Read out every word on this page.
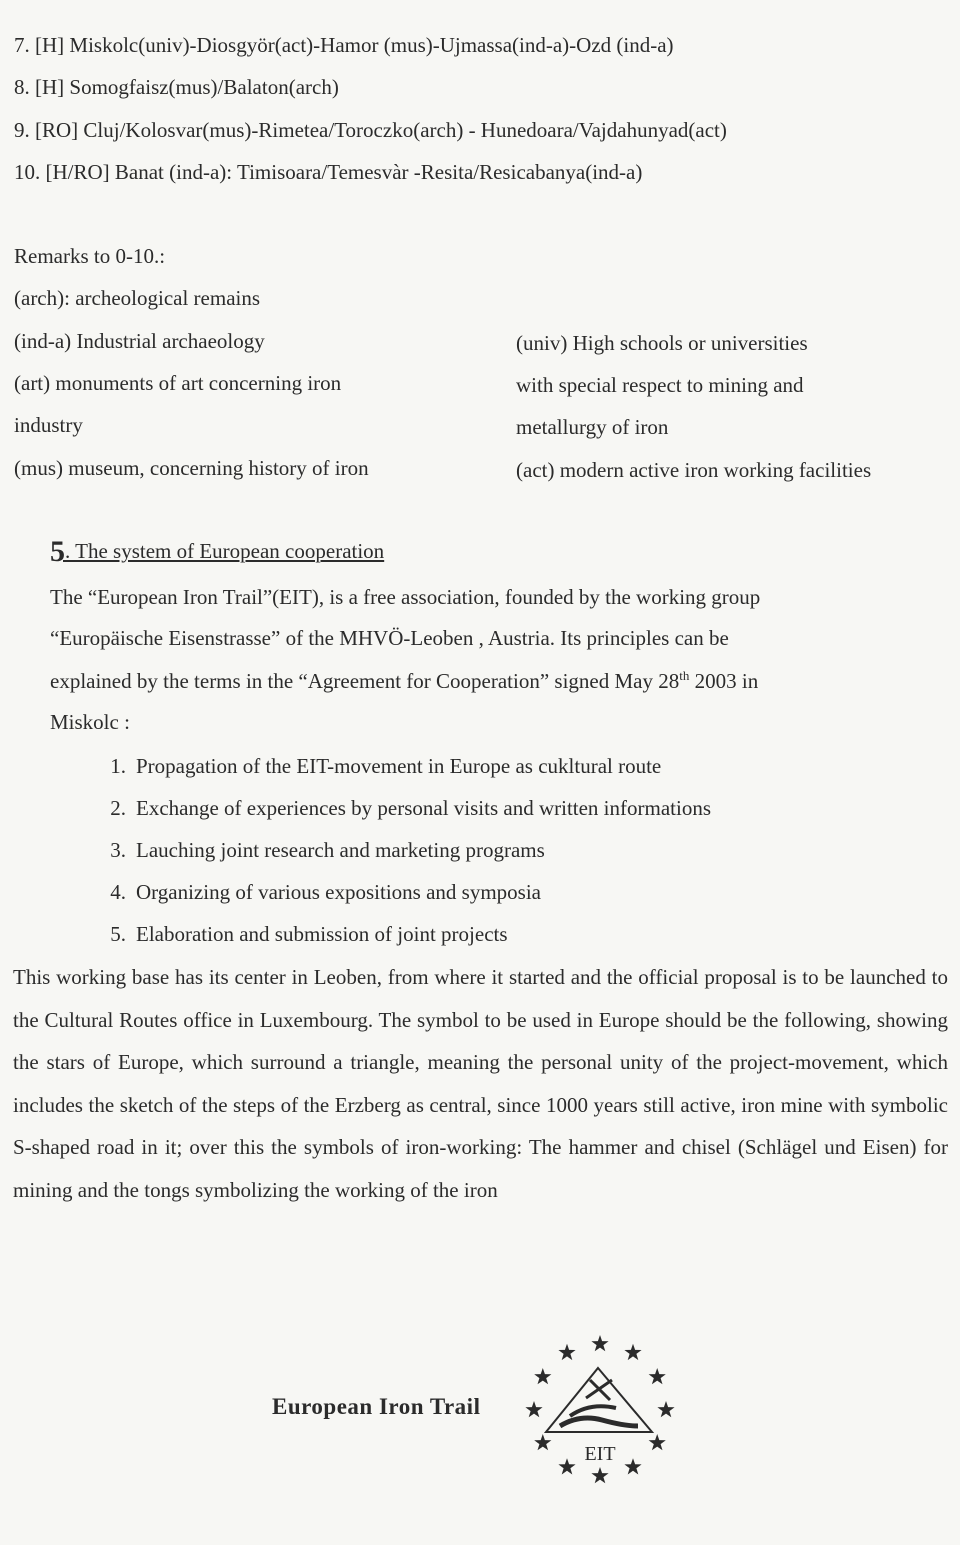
7. [H] Miskolc(univ)-Diosgyör(act)-Hamor (mus)-Ujmassa(ind-a)-Ozd (ind-a)
8. [H] Somogfaisz(mus)/Balaton(arch)
9. [RO] Cluj/Kolosvar(mus)-Rimetea/Toroczko(arch) - Hunedoara/Vajdahunyad(act)
10. [H/RO] Banat (ind-a): Timisoara/Temesvàr -Resita/Resicabanya(ind-a)
Remarks to 0-10.:
(arch): archeological remains
(ind-a) Industrial archaeology
(art) monuments of art concerning iron
industry
(mus) museum, concerning history of iron
(univ) High schools or universities
with special respect to mining and
metallurgy of iron
(act) modern active iron working facilities
5. The system of European cooperation
The “European Iron Trail”(EIT), is a free association, founded by the working group
“Europäische Eisenstrasse” of the MHVÖ-Leoben , Austria. Its principles can be
explained by the terms in the “Agreement for Cooperation” signed May 28th 2003 in
Miskolc :
1. Propagation of the EIT-movement in Europe as cukltural route
2. Exchange of experiences by personal visits and written informations
3. Lauching joint research and marketing programs
4. Organizing of various expositions and symposia
5. Elaboration and submission of joint projects
This working base has its center in Leoben, from where it started and the official proposal is to be launched to the Cultural Routes office in Luxembourg. The symbol to be used in Europe should be the following, showing the stars of Europe, which surround a triangle, meaning the personal unity of the project-movement, which includes the sketch of the steps of the Erzberg as central, since 1000 years still active, iron mine with symbolic S-shaped road in it; over this the symbols of iron-working: The hammer and chisel (Schlägel und Eisen) for mining and the tongs symbolizing the working of the iron
European Iron Trail
EIT
